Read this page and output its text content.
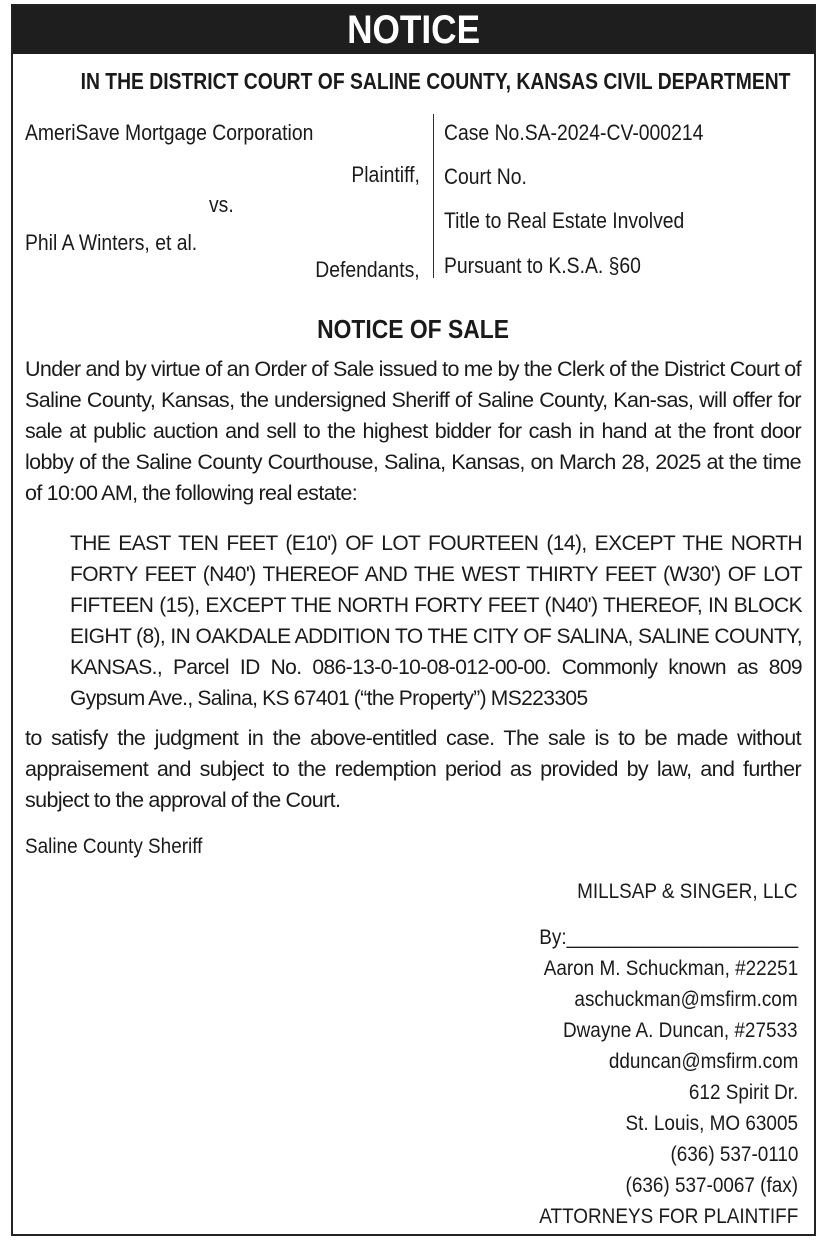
NOTICE
IN THE DISTRICT COURT OF SALINE COUNTY, KANSAS CIVIL DEPARTMENT
AmeriSave Mortgage Corporation
Plaintiff,
vs.
Phil A Winters, et al.
Defendants,
Case No.SA-2024-CV-000214
Court No.
Title to Real Estate Involved
Pursuant to K.S.A. §60
NOTICE OF SALE
Under and by virtue of an Order of Sale issued to me by the Clerk of the District Court of Saline County, Kansas, the undersigned Sheriff of Saline County, Kan-sas, will offer for sale at public auction and sell to the highest bidder for cash in hand at the front door lobby of the Saline County Courthouse, Salina, Kansas, on March 28, 2025 at the time of 10:00 AM, the following real estate:
THE EAST TEN FEET (E10') OF LOT FOURTEEN (14), EXCEPT THE NORTH FORTY FEET (N40') THEREOF AND THE WEST THIRTY FEET (W30') OF LOT FIFTEEN (15), EXCEPT THE NORTH FORTY FEET (N40') THEREOF, IN BLOCK EIGHT (8), IN OAKDALE ADDITION TO THE CITY OF SALINA, SALINE COUNTY, KANSAS., Parcel ID No. 086-13-0-10-08-012-00-00. Commonly known as 809 Gypsum Ave., Salina, KS 67401 (“the Property”) MS223305
to satisfy the judgment in the above-entitled case. The sale is to be made without appraisement and subject to the redemption period as provided by law, and further subject to the approval of the Court.
Saline County Sheriff
MILLSAP & SINGER, LLC
By:______________________
Aaron M. Schuckman, #22251
aschuckman@msfirm.com
Dwayne A. Duncan, #27533
dduncan@msfirm.com
612 Spirit Dr.
St. Louis, MO 63005
(636) 537-0110
(636) 537-0067 (fax)
ATTORNEYS FOR PLAINTIFF
